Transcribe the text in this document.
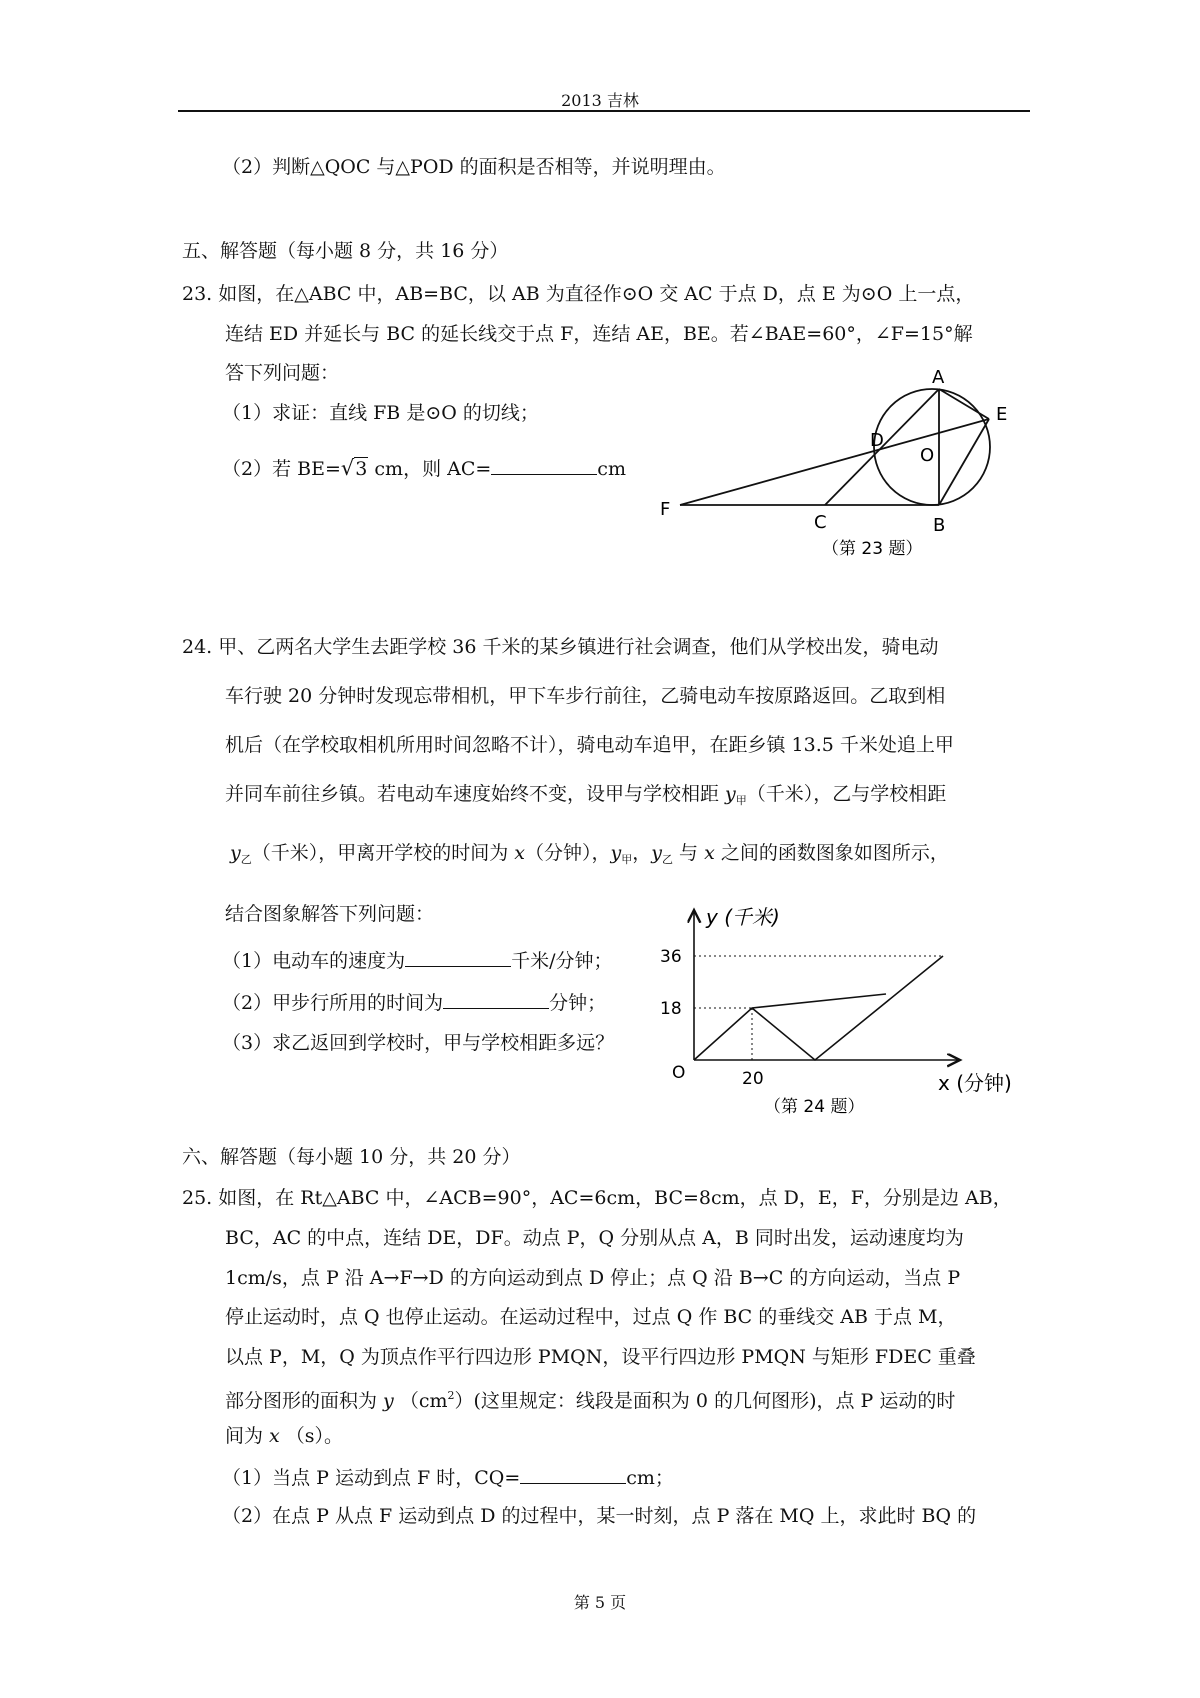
2013 吉林
（2）判断△QOC 与△POD 的面积是否相等，并说明理由。
五、解答题（每小题 8 分，共 16 分）
23. 如图，在△ABC 中，AB=BC，以 AB 为直径作⊙O 交 AC 于点 D，点 E 为⊙O 上一点，
连结 ED 并延长与 BC 的延长线交于点 F，连结 AE，BE。若∠BAE=60°，∠F=15°解
答下列问题：
（1）求证：直线 FB 是⊙O 的切线；
（2）若 BE=√3 cm，则 AC=	cm
A
E
D
O
F
C	B
（第 23 题）
24. 甲、乙两名大学生去距学校 36 千米的某乡镇进行社会调查，他们从学校出发，骑电动
车行驶 20 分钟时发现忘带相机，甲下车步行前往，乙骑电动车按原路返回。乙取到相
机后（在学校取相机所用时间忽略不计），骑电动车追甲，在距乡镇 13.5 千米处追上甲
并同车前往乡镇。若电动车速度始终不变，设甲与学校相距 $y_甲$（千米），乙与学校相距
$y_乙$（千米），甲离开学校的时间为 x（分钟），$y_甲$，$y_乙$ 与 x 之间的函数图象如图所示，
结合图象解答下列问题：
（1）电动车的速度为	千米/分钟；
（2）甲步行所用的时间为	分钟；
（3）求乙返回到学校时，甲与学校相距多远？
y (千米)
36
18
O	20	x (分钟)
（第 24 题）
六、解答题（每小题 10 分，共 20 分）
25. 如图，在 Rt△ABC 中，∠ACB=90°，AC=6cm，BC=8cm，点 D，E，F，分别是边 AB，
BC，AC 的中点，连结 DE，DF。动点 P，Q 分别从点 A，B 同时出发，运动速度均为
1cm/s，点 P 沿 A→F→D 的方向运动到点 D 停止；点 Q 沿 B→C 的方向运动，当点 P
停止运动时，点 Q 也停止运动。在运动过程中，过点 Q 作 BC 的垂线交 AB 于点 M，
以点 P，M，Q 为顶点作平行四边形 PMQN，设平行四边形 PMQN 与矩形 FDEC 重叠
部分图形的面积为 y $(cm^2)$(这里规定：线段是面积为 0 的几何图形)，点 P 运动的时
间为 x （s）。
（1）当点 P 运动到点 F 时，CQ=	cm；
（2）在点 P 从点 F 运动到点 D 的过程中，某一时刻，点 P 落在 MQ 上，求此时 BQ 的
第 5 页
